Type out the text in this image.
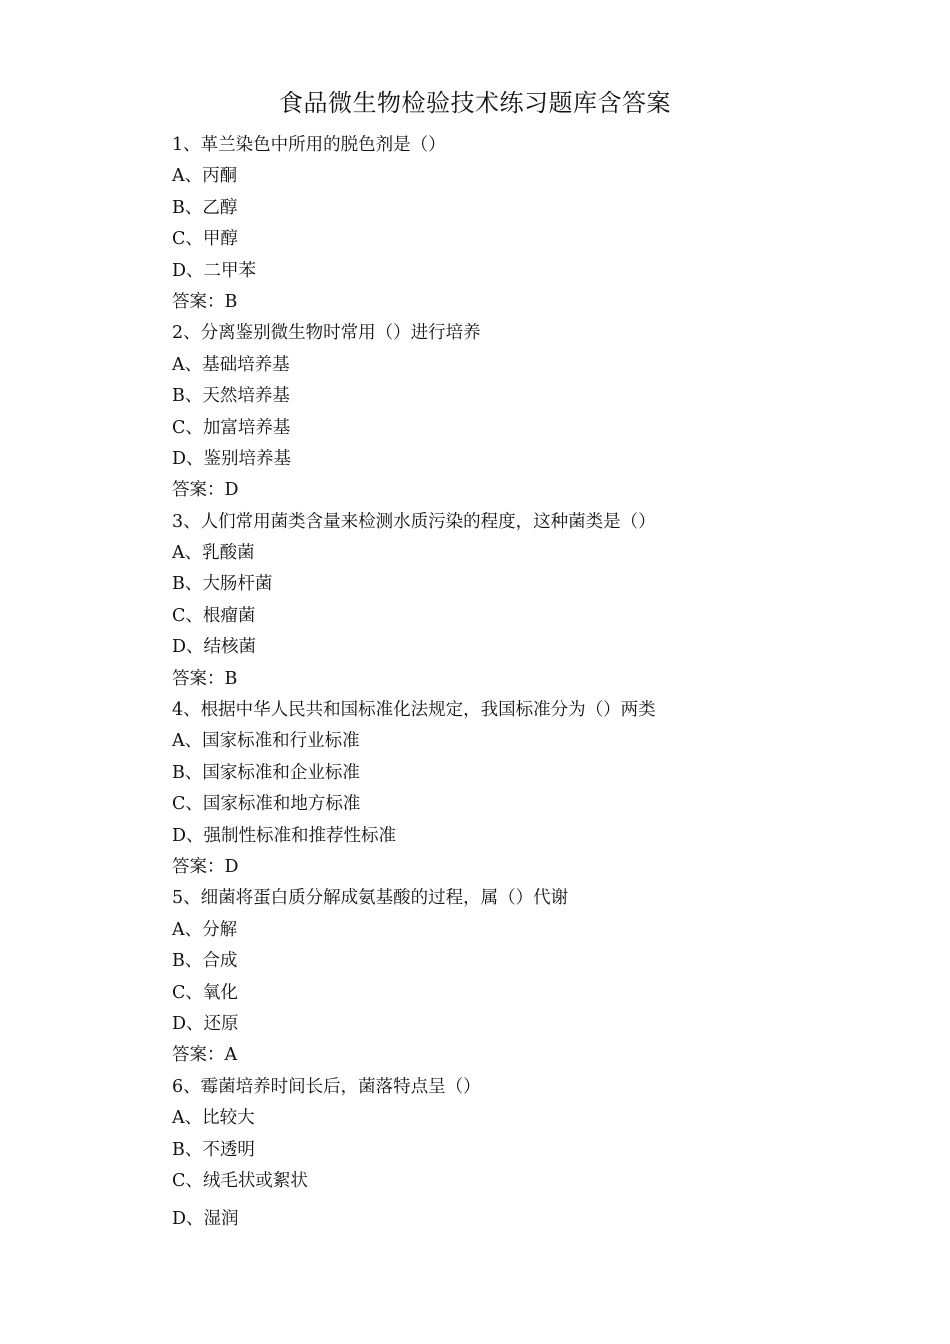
食品微生物检验技术练习题库含答案
1、革兰染色中所用的脱色剂是（）
A、丙酮
B、乙醇
C、甲醇
D、二甲苯
答案：B
2、分离鉴别微生物时常用（）进行培养
A、基础培养基
B、天然培养基
C、加富培养基
D、鉴别培养基
答案：D
3、人们常用菌类含量来检测水质污染的程度，这种菌类是（）
A、乳酸菌
B、大肠杆菌
C、根瘤菌
D、结核菌
答案：B
4、根据中华人民共和国标准化法规定，我国标准分为（）两类
A、国家标准和行业标准
B、国家标准和企业标准
C、国家标准和地方标准
D、强制性标准和推荐性标准
答案：D
5、细菌将蛋白质分解成氨基酸的过程，属（）代谢
A、分解
B、合成
C、氧化
D、还原
答案：A
6、霉菌培养时间长后，菌落特点呈（）
A、比较大
B、不透明
C、绒毛状或絮状
D、湿润
